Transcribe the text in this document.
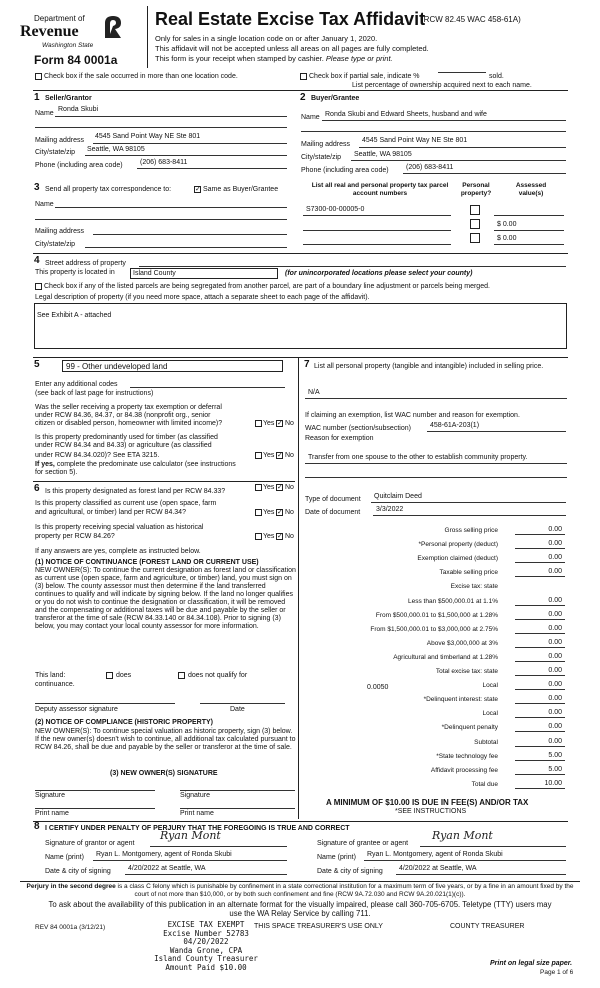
Department of
Revenue
Washington State
Form 84 0001a
Real Estate Excise Tax Affidavit
(RCW 82.45 WAC 458-61A)
Only for sales in a single location code on or after January 1, 2020.
This affidavit will not be accepted unless all areas on all pages are fully completed.
This form is your receipt when stamped by cashier. Please type or print.
Check box if the sale occurred in more than one location code.	Check box if partial sale, indicate %	sold.
List percentage of ownership acquired next to each name.
1 Seller/Grantor
Name
Ronda Skubi
Mailing address
4545 Sand Point Way NE Ste 801
City/state/zip Seattle, WA 98105
Phone (including area code) (206) 683-8411
2 Buyer/Grantee
Name Ronda Skubi and Edward Sheets, husband and wife
Mailing address
4545 Sand Point Way NE Ste 801
City/state/zip Seattle, WA 98105
Phone (including area code) (206) 683-8411
3 Send all property tax correspondence to:	✓ Same as Buyer/Grantee
Name
Mailing address
City/state/zip
List all real and personal property tax parcel account numbers
Personal property?
Assessed value(s)
S7300-00-00005-0
$ 0.00
$ 0.00
4 Street address of property
This property is located in	Island County	(for unincorporated locations please select your county)
Check box if any of the listed parcels are being segregated from another parcel, are part of a boundary line adjustment or parcels being merged.
Legal description of property (if you need more space, attach a separate sheet to each page of the affidavit).
See Exhibit A - attached
5	99 - Other undeveloped land
Enter any additional codes
(see back of last page for instructions)
Was the seller receiving a property tax exemption or deferral
under RCW 84.36, 84.37, or 84.38 (nonprofit org., senior
citizen or disabled person, homeowner with limited income)?	Yes ✓ No
Is this property predominantly used for timber (as classified
under RCW 84.34 and 84.33) or agriculture (as classified
under RCW 84.34.020)? See ETA 3215.	Yes ✓ No
If yes, complete the predominate use calculator (see instructions
for section 5).
6 Is this property designated as forest land per RCW 84.33?
Yes ✓ No
Is this property classified as current use (open space, farm
and agricultural, or timber) land per RCW 84.34?	Yes ✓ No
Is this property receiving special valuation as historical
property per RCW 84.26?	Yes ✓ No
If any answers are yes, complete as instructed below.
(1) NOTICE OF CONTINUANCE (FOREST LAND OR CURRENT USE)
NEW OWNER(S): To continue the current designation as forest land or classification as current use (open space, farm and agriculture, or timber) land, you must sign on (3) below. The county assessor must then determine if the land transferred continues to qualify and will indicate by signing below. If the land no longer qualifies or you do not wish to continue the designation or classification, it will be removed and the compensating or additional taxes will be due and payable by the seller or transferor at the time of sale (RCW 84.33.140 or 84.34.108). Prior to signing (3) below, you may contact your local county assessor for more information.
This land:	does	does not qualify for
continuance.
Deputy assessor signature	Date
(2) NOTICE OF COMPLIANCE (HISTORIC PROPERTY)
NEW OWNER(S): To continue special valuation as historic property, sign (3) below. If the new owner(s) doesn't wish to continue, all additional tax calculated pursuant to RCW 84.26, shall be due and payable by the seller or transferor at the time of sale.
(3) NEW OWNER(S) SIGNATURE
Signature	Signature
Print name	Print name
7 List all personal property (tangible and intangible) included in selling price.
N/A
If claiming an exemption, list WAC number and reason for exemption.
WAC number (section/subsection)	458-61A-203(1)
Reason for exemption
Transfer from one spouse to the other to establish community property.
Type of document Quitclaim Deed
Date of document 3/3/2022
Gross selling price	0.00
*Personal property (deduct)	0.00
Exemption claimed (deduct)	0.00
Taxable selling price	0.00
Excise tax: state
Less than $500,000.01 at 1.1%	0.00
From $500,000.01 to $1,500,000 at 1.28%	0.00
From $1,500,000.01 to $3,000,000 at 2.75%	0.00
Above $3,000,000 at 3%	0.00
Agricultural and timberland at 1.28%	0.00
Total excise tax: state	0.00
Local	0.00
*Delinquent interest: state	0.00
Local	0.00
*Delinquent penalty	0.00
Subtotal	0.00
*State technology fee	5.00
Affidavit processing fee	5.00
Total due	10.00
0.0050
A MINIMUM OF $10.00 IS DUE IN FEE(S) AND/OR TAX
*SEE INSTRUCTIONS
8 I CERTIFY UNDER PENALTY OF PERJURY THAT THE FOREGOING IS TRUE AND CORRECT
Signature of grantor or agent
Ryan Mont
Name (print) Ryan L. Montgomery, agent of Ronda Skubi
Date & city of signing 4/20/2022 at Seattle, WA
Signature of grantee or agent
Ryan Mont
Name (print) Ryan L. Montgomery, agent of Ronda Skubi
Date & city of signing 4/20/2022 at Seattle, WA
Perjury in the second degree is a class C felony which is punishable by confinement in a state correctional institution for a maximum term of five years, or by a fine in an amount fixed by the court of not more than $10,000, or by both such confinement and fine (RCW 9A.72.030 and RCW 9A.20.021(1)(c)).
To ask about the availability of this publication in an alternate format for the visually impaired, please call 360-705-6705. Teletype (TTY) users may use the WA Relay Service by calling 711.
REV 84 0001a (3/12/21)	EXCISE TAX EXEMPT
Excise Number 52783
04/20/2022
Wanda Grone, CPA
Island County Treasurer
Amount Paid $10.00
THIS SPACE TREASURER'S USE ONLY	COUNTY TREASURER
Print on legal size paper.
Page 1 of 6
